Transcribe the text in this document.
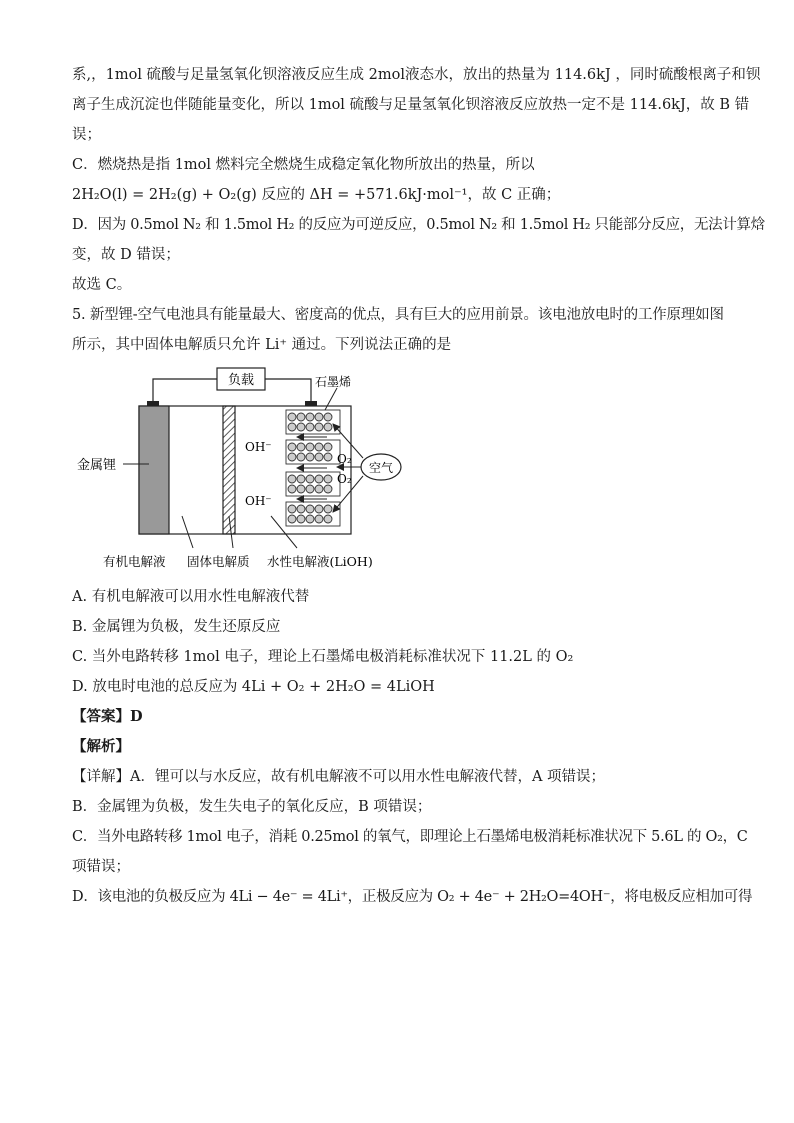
系,，1mol 硫酸与足量氢氧化钡溶液反应生成 2mol液态水，放出的热量为 114.6kJ ，同时硫酸根离子和钡

离子生成沉淀也伴随能量变化，所以 1mol 硫酸与足量氢氧化钡溶液反应放热一定不是 114.6kJ，故 B 错

误；

C．燃烧热是指 1mol 燃料完全燃烧生成稳定氧化物所放出的热量，所以

2H₂O(l) = 2H₂(g) + O₂(g) 反应的 ΔH = +571.6kJ·mol⁻¹，故 C 正确；

D．因为 0.5mol N₂ 和 1.5mol H₂ 的反应为可逆反应，0.5mol N₂ 和 1.5mol H₂ 只能部分反应，无法计算焓

变，故 D 错误；

故选 C。

5. 新型锂-空气电池具有能量最大、密度高的优点，具有巨大的应用前景。该电池放电时的工作原理如图

所示，其中固体电解质只允许 Li⁺ 通过。下列说法正确的是

负载	石墨烯
金属锂
OH⁻
OH⁻
O₂
O₂
空气
有机电解液 固体电解质 水性电解液(LiOH)

A. 有机电解液可以用水性电解液代替

B. 金属锂为负极，发生还原反应

C. 当外电路转移 1mol 电子，理论上石墨烯电极消耗标准状况下 11.2L 的 O₂

D. 放电时电池的总反应为 4Li + O₂ + 2H₂O = 4LiOH

【答案】D

【解析】

【详解】A．锂可以与水反应，故有机电解液不可以用水性电解液代替，A 项错误；

B．金属锂为负极，发生失电子的氧化反应，B 项错误；

C．当外电路转移 1mol 电子，消耗 0.25mol 的氧气，即理论上石墨烯电极消耗标准状况下 5.6L 的 O₂，C

项错误；

D．该电池的负极反应为 4Li − 4e⁻ = 4Li⁺，正极反应为 O₂ + 4e⁻ + 2H₂O=4OH⁻，将电极反应相加可得
